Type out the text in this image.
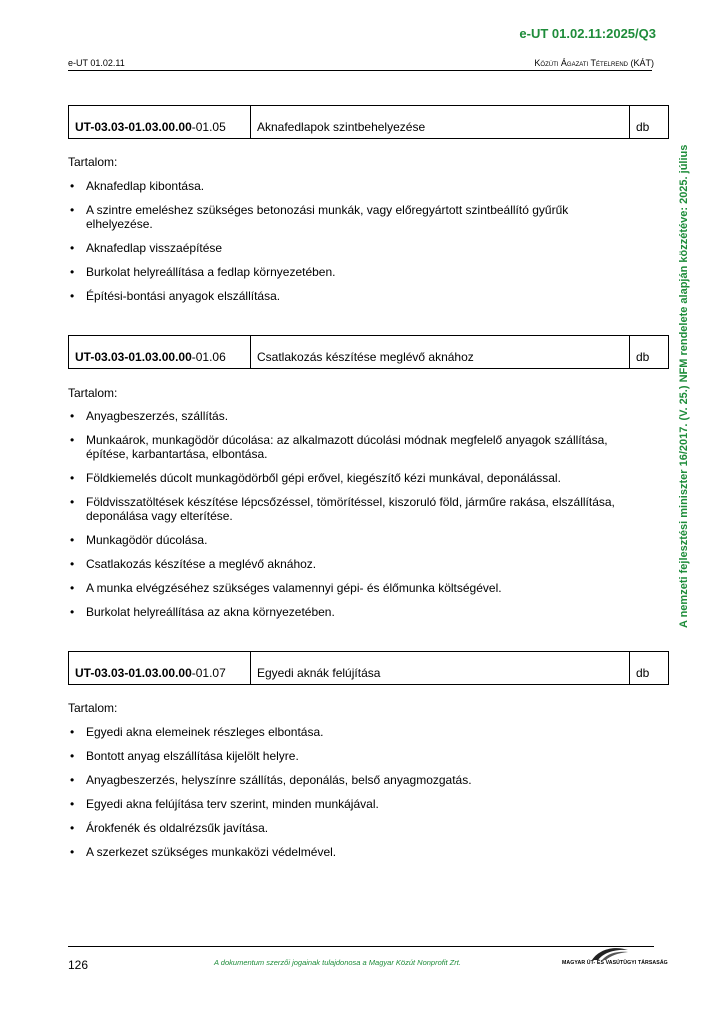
e-UT 01.02.11:2025/Q3
e-UT 01.02.11	Közúti Ágazati Tételrend (KÁT)
A nemzeti fejlesztési miniszter 16/2017. (V. 25.) NFM rendelete alapján közzétéve: 2025. július
UT-03.03-01.03.00.00-01.05	Aknafedlapok szintbehelyezése	db
Tartalom:
• Aknafedlap kibontása.
• A szintre emeléshez szükséges betonozási munkák, vagy előregyártott szintbeállító gyűrűk elhelyezése.
• Aknafedlap visszaépítése
• Burkolat helyreállítása a fedlap környezetében.
• Építési-bontási anyagok elszállítása.
UT-03.03-01.03.00.00-01.06	Csatlakozás készítése meglévő aknához	db
Tartalom:
• Anyagbeszerzés, szállítás.
• Munkaárok, munkagödör dúcolása: az alkalmazott dúcolási módnak megfelelő anyagok szállítása, építése, karbantartása, elbontása.
• Földkiemelés dúcolt munkagödörből gépi erővel, kiegészítő kézi munkával, deponálással.
• Földvisszatöltések készítése lépcsőzéssel, tömörítéssel, kiszoruló föld, járműre rakása, elszállítása, deponálása vagy elterítése.
• Munkagödör dúcolása.
• Csatlakozás készítése a meglévő aknához.
• A munka elvégzéséhez szükséges valamennyi gépi- és élőmunka költségével.
• Burkolat helyreállítása az akna környezetében.
UT-03.03-01.03.00.00-01.07	Egyedi aknák felújítása	db
Tartalom:
• Egyedi akna elemeinek részleges elbontása.
• Bontott anyag elszállítása kijelölt helyre.
• Anyagbeszerzés, helyszínre szállítás, deponálás, belső anyagmozgatás.
• Egyedi akna felújítása terv szerint, minden munkájával.
• Árokfenék és oldalrézsűk javítása.
• A szerkezet szükséges munkaközi védelmével.
126	A dokumentum szerzői jogainak tulajdonosa a Magyar Közút Nonprofit Zrt.	MAGYAR ÚT- ÉS VASÚTÜGYI TÁRSASÁG
